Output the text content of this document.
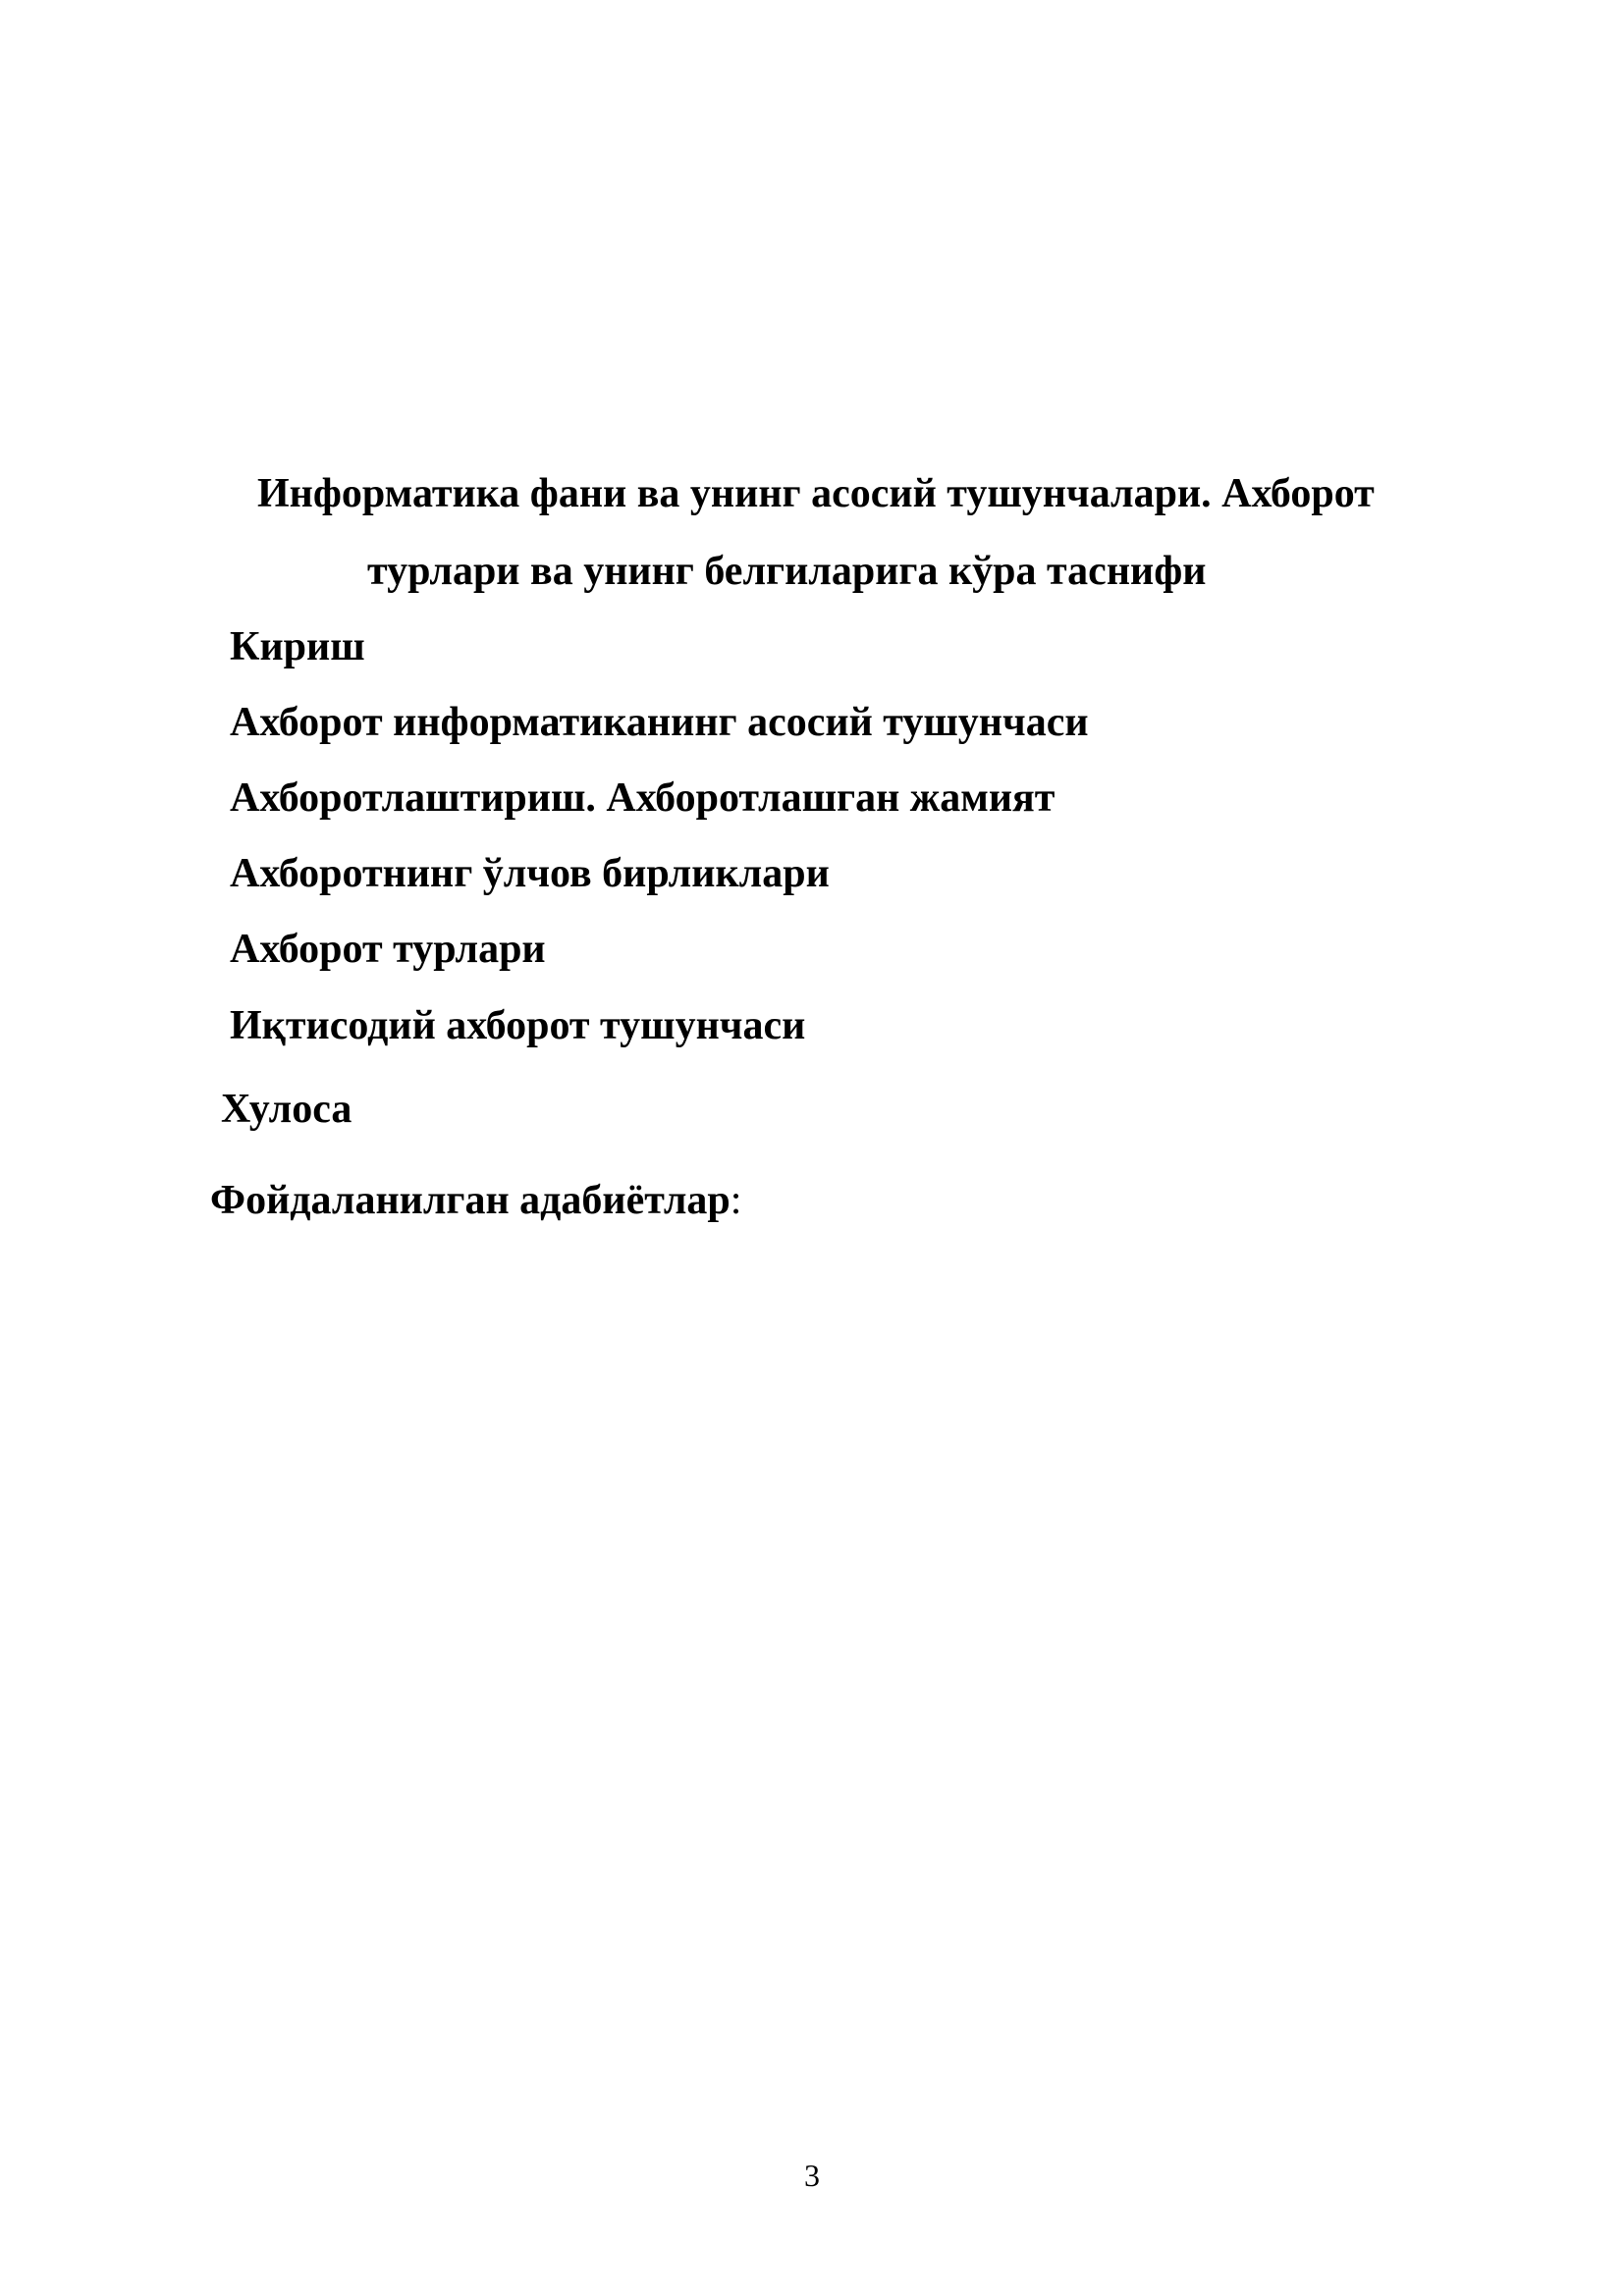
Информатика фани ва унинг асосий тушунчалари. Ахборот
турлари ва унинг белгиларига кўра таснифи
Кириш
Ахборот информатиканинг асосий тушунчаси
Ахборотлаштириш. Ахборотлашган жамият
Ахборотнинг ўлчов бирликлари
Ахборот турлари
Иқтисодий ахборот тушунчаси
Хулоса
Фойдаланилган адабиётлар:
3
